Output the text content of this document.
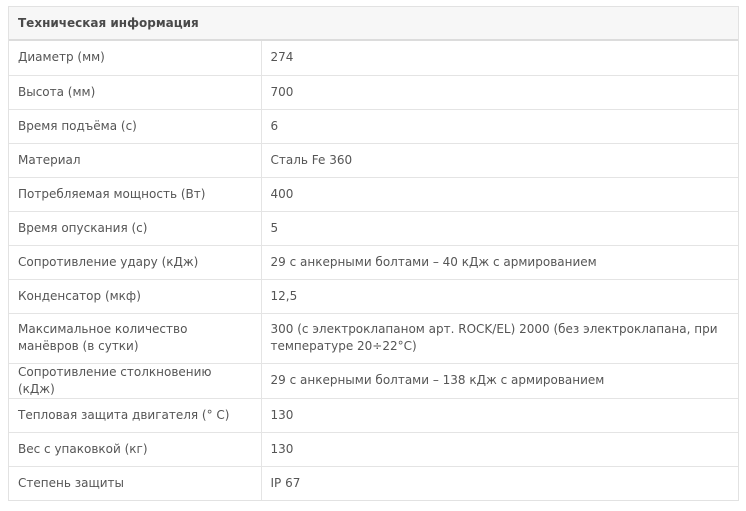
Техническая информация
Диаметр (мм)	274
Высота (мм)	700
Время подъёма (с)	6
Материал	Сталь Fe 360
Потребляемая мощность (Вт)	400
Время опускания (с)	5
Сопротивление удару (кДж)	29 с анкерными болтами – 40 кДж с армированием
Конденсатор (мкф)	12,5
Максимальное количество манёвров (в сутки)	300 (с электроклапаном арт. ROCK/EL) 2000 (без электроклапана, при температуре 20÷22°C)
Сопротивление столкновению (кДж)	29 с анкерными болтами – 138 кДж с армированием
Тепловая защита двигателя (° C)	130
Вес с упаковкой (кг)	130
Степень защиты	IP 67
